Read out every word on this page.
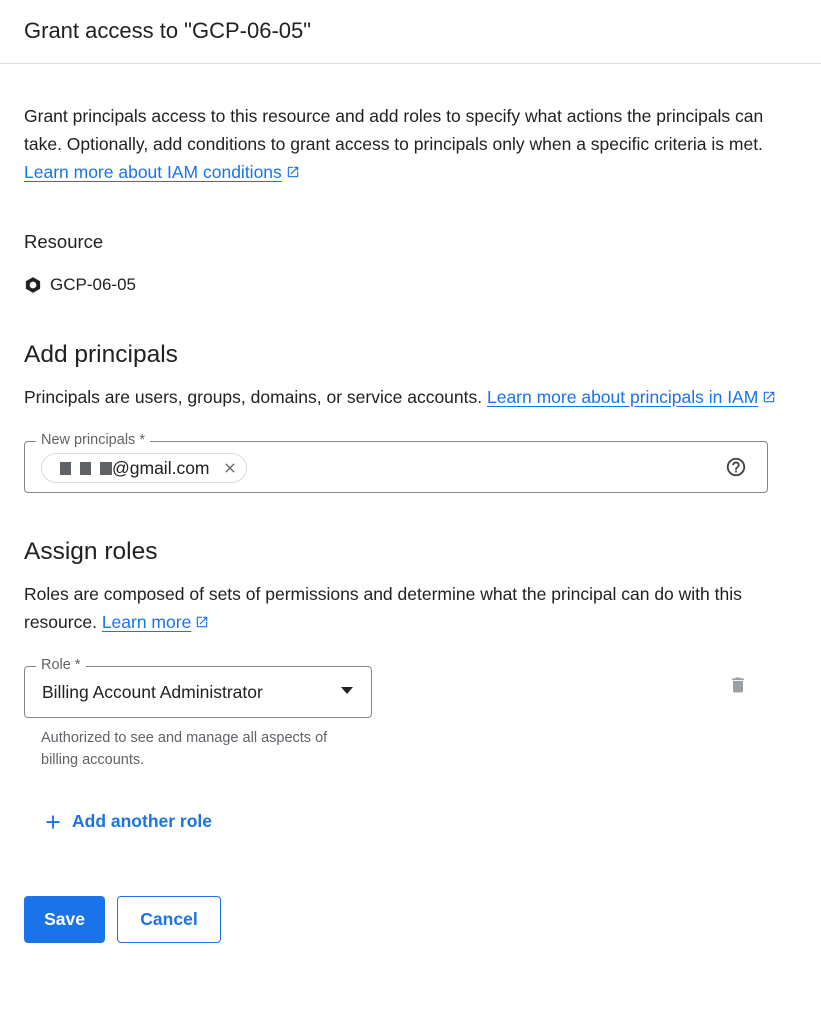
Grant access to "GCP-06-05"
Grant principals access to this resource and add roles to specify what actions the principals can take. Optionally, add conditions to grant access to principals only when a specific criteria is met. Learn more about IAM conditions
Resource
GCP-06-05
Add principals
Principals are users, groups, domains, or service accounts. Learn more about principals in IAM
New principals *
@gmail.com
Assign roles
Roles are composed of sets of permissions and determine what the principal can do with this resource. Learn more
Role *
Billing Account Administrator
Authorized to see and manage all aspects of billing accounts.
Add another role
Save	Cancel
